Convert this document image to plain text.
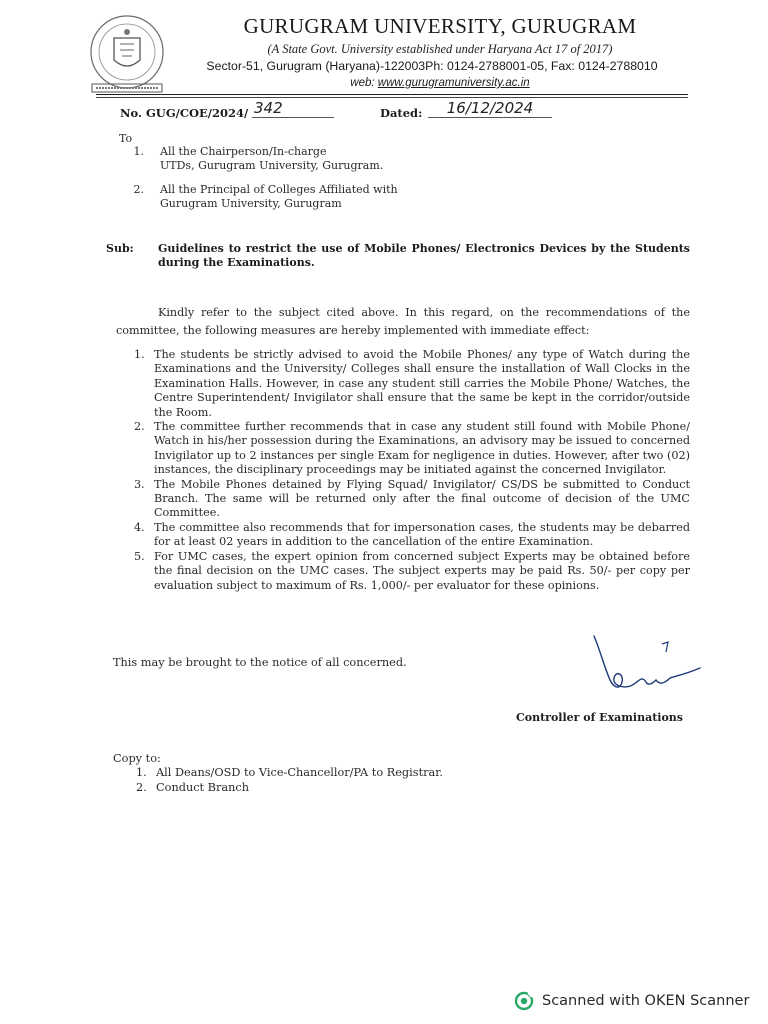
GURUGRAM UNIVERSITY, GURUGRAM
(A State Govt. University established under Haryana Act 17 of 2017)
Sector-51, Gurugram (Haryana)-122003Ph: 0124-2788001-05, Fax: 0124-2788010
web: www.gurugramuniversity.ac.in
No. GUG/COE/2024/ 342	Dated:	16/12/2024
To
1. All the Chairperson/In-charge
UTDs, Gurugram University, Gurugram.
2. All the Principal of Colleges Affiliated with
Gurugram University, Gurugram
Sub: Guidelines to restrict the use of Mobile Phones/ Electronics Devices by the Students during the Examinations.
Kindly refer to the subject cited above. In this regard, on the recommendations of the committee, the following measures are hereby implemented with immediate effect:
1. The students be strictly advised to avoid the Mobile Phones/ any type of Watch during the Examinations and the University/ Colleges shall ensure the installation of Wall Clocks in the Examination Halls. However, in case any student still carries the Mobile Phone/ Watches, the Centre Superintendent/ Invigilator shall ensure that the same be kept in the corridor/outside the Room.
2. The committee further recommends that in case any student still found with Mobile Phone/ Watch in his/her possession during the Examinations, an advisory may be issued to concerned Invigilator up to 2 instances per single Exam for negligence in duties. However, after two (02) instances, the disciplinary proceedings may be initiated against the concerned Invigilator.
3. The Mobile Phones detained by Flying Squad/ Invigilator/ CS/DS be submitted to Conduct Branch. The same will be returned only after the final outcome of decision of the UMC Committee.
4. The committee also recommends that for impersonation cases, the students may be debarred for at least 02 years in addition to the cancellation of the entire Examination.
5. For UMC cases, the expert opinion from concerned subject Experts may be obtained before the final decision on the UMC cases. The subject experts may be paid Rs. 50/- per copy per evaluation subject to maximum of Rs. 1,000/- per evaluator for these opinions.
This may be brought to the notice of all concerned.
Controller of Examinations
Copy to:
1. All Deans/OSD to Vice-Chancellor/PA to Registrar.
2. Conduct Branch
Scanned with OKEN Scanner
